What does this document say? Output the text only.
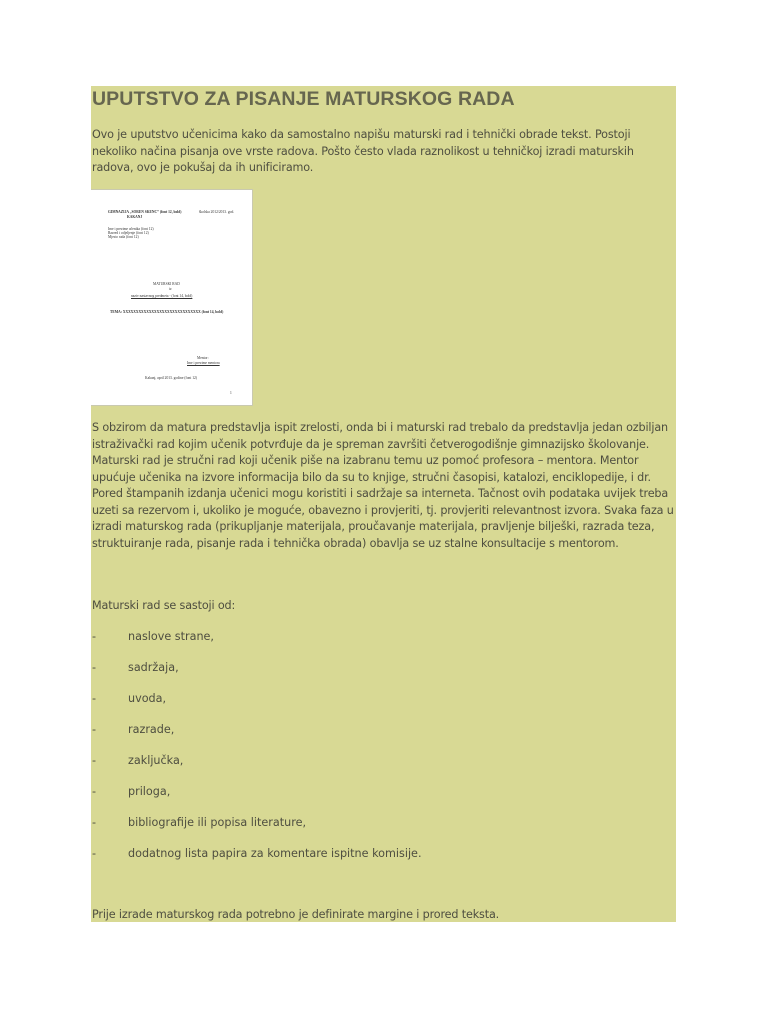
UPUTSTVO ZA PISANJE MATURSKOG RADA

Ovo je uputstvo učenicima kako da samostalno napišu maturski rad i tehnički obrade tekst. Postoji nekoliko načina pisanja ove vrste radova. Pošto često vlada raznolikost u tehničkoj izradi maturskih radova, ovo je pokušaj da ih unificiramo.

GIMNAZIJA „SOREN SKENC” (font 12, bold)
KAKANJ
školska 2012/2013. god.
Ime i prezime učenika (font 12)
Razred i odjeljenje (font 12)
Mjesto rada (font 12)
MATURSKI RAD
iz
naziv nastavnog predmeta - (font 14, bold)
TEMA: XXXXXXXXXXXXXXXXXXXXXXXXXXXXXX (font 14, bold)
Mentor:
Ime i prezime mentora
Kakanj, april 2013. godine (font 12)
1

S obzirom da matura predstavlja ispit zrelosti, onda bi i maturski rad trebalo da predstavlja jedan ozbiljan istraživački rad kojim učenik potvrđuje da je spreman završiti četverogodišnje gimnazijsko školovanje. Maturski rad je stručni rad koji učenik piše na izabranu temu uz pomoć profesora – mentora. Mentor upućuje učenika na izvore informacija bilo da su to knjige, stručni časopisi, katalozi, enciklopedije, i dr. Pored štampanih izdanja učenici mogu koristiti i sadržaje sa interneta. Tačnost ovih podataka uvijek treba uzeti sa rezervom i, ukoliko je moguće, obavezno i provjeriti, tj. provjeriti relevantnost izvora. Svaka faza u izradi maturskog rada (prikupljanje materijala, proučavanje materijala, pravljenje bilješki, razrada teza, struktuiranje rada, pisanje rada i tehnička obrada) obavlja se uz stalne konsultacije s mentorom.

Maturski rad se sastoji od:

-	naslove strane,
-	sadržaja,
-	uvoda,
-	razrade,
-	zaključka,
-	priloga,
-	bibliografije ili popisa literature,
-	dodatnog lista papira za komentare ispitne komisije.

Prije izrade maturskog rada potrebno je definirate margine i prored teksta.
